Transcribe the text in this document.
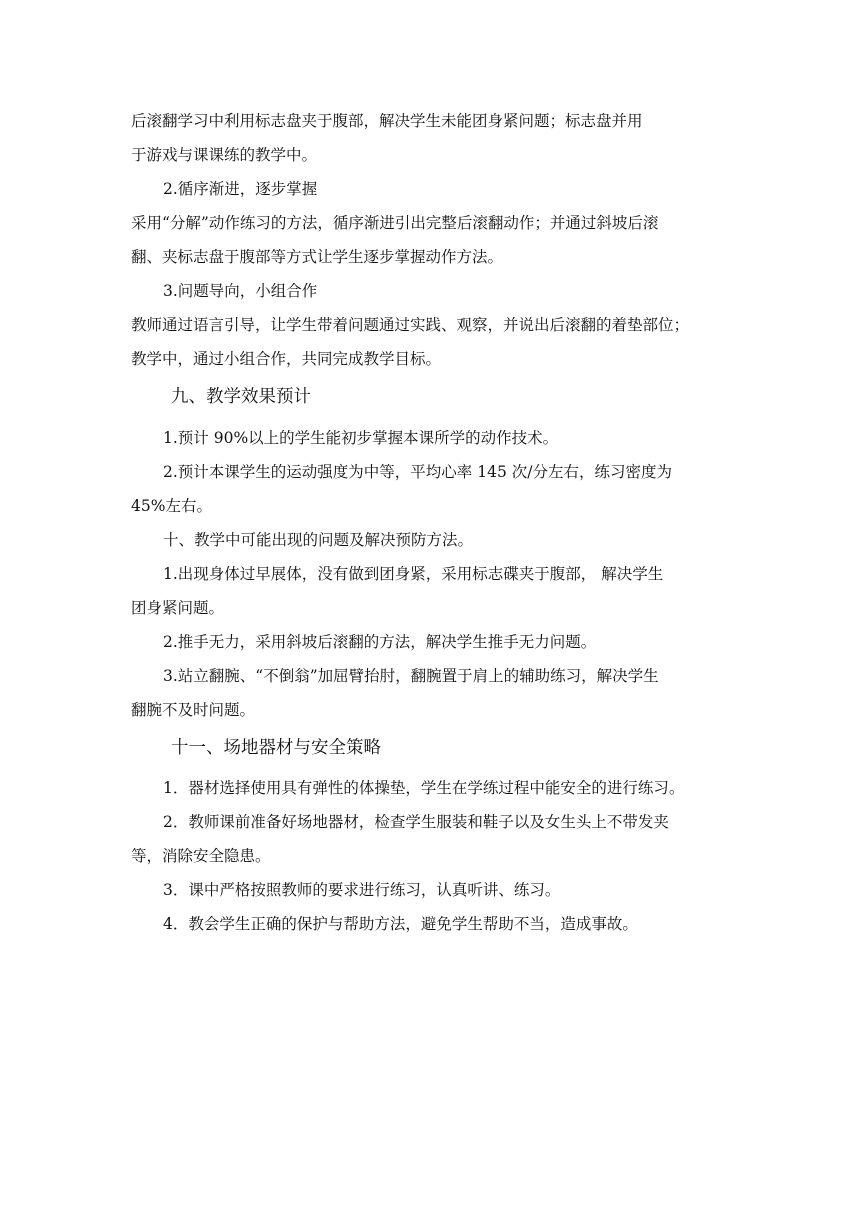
后滚翻学习中利用标志盘夹于腹部，解决学生未能团身紧问题；标志盘并用
于游戏与课课练的教学中。
2.循序渐进，逐步掌握
采用“分解”动作练习的方法，循序渐进引出完整后滚翻动作；并通过斜坡后滚
翻、夹标志盘于腹部等方式让学生逐步掌握动作方法。
3.问题导向，小组合作
教师通过语言引导，让学生带着问题通过实践、观察，并说出后滚翻的着垫部位；
教学中，通过小组合作，共同完成教学目标。
九、教学效果预计
1.预计 90%以上的学生能初步掌握本课所学的动作技术。
2.预计本课学生的运动强度为中等，平均心率 145 次/分左右，练习密度为
45%左右。
十、教学中可能出现的问题及解决预防方法。
1.出现身体过早展体，没有做到团身紧，采用标志碟夹于腹部， 解决学生
团身紧问题。
2.推手无力，采用斜坡后滚翻的方法，解决学生推手无力问题。
3.站立翻腕、“不倒翁”加屈臂抬肘，翻腕置于肩上的辅助练习，解决学生
翻腕不及时问题。
十一、场地器材与安全策略
1．器材选择使用具有弹性的体操垫，学生在学练过程中能安全的进行练习。
2．教师课前准备好场地器材，检查学生服装和鞋子以及女生头上不带发夹
等，消除安全隐患。
3．课中严格按照教师的要求进行练习，认真听讲、练习。
4．教会学生正确的保护与帮助方法，避免学生帮助不当，造成事故。
